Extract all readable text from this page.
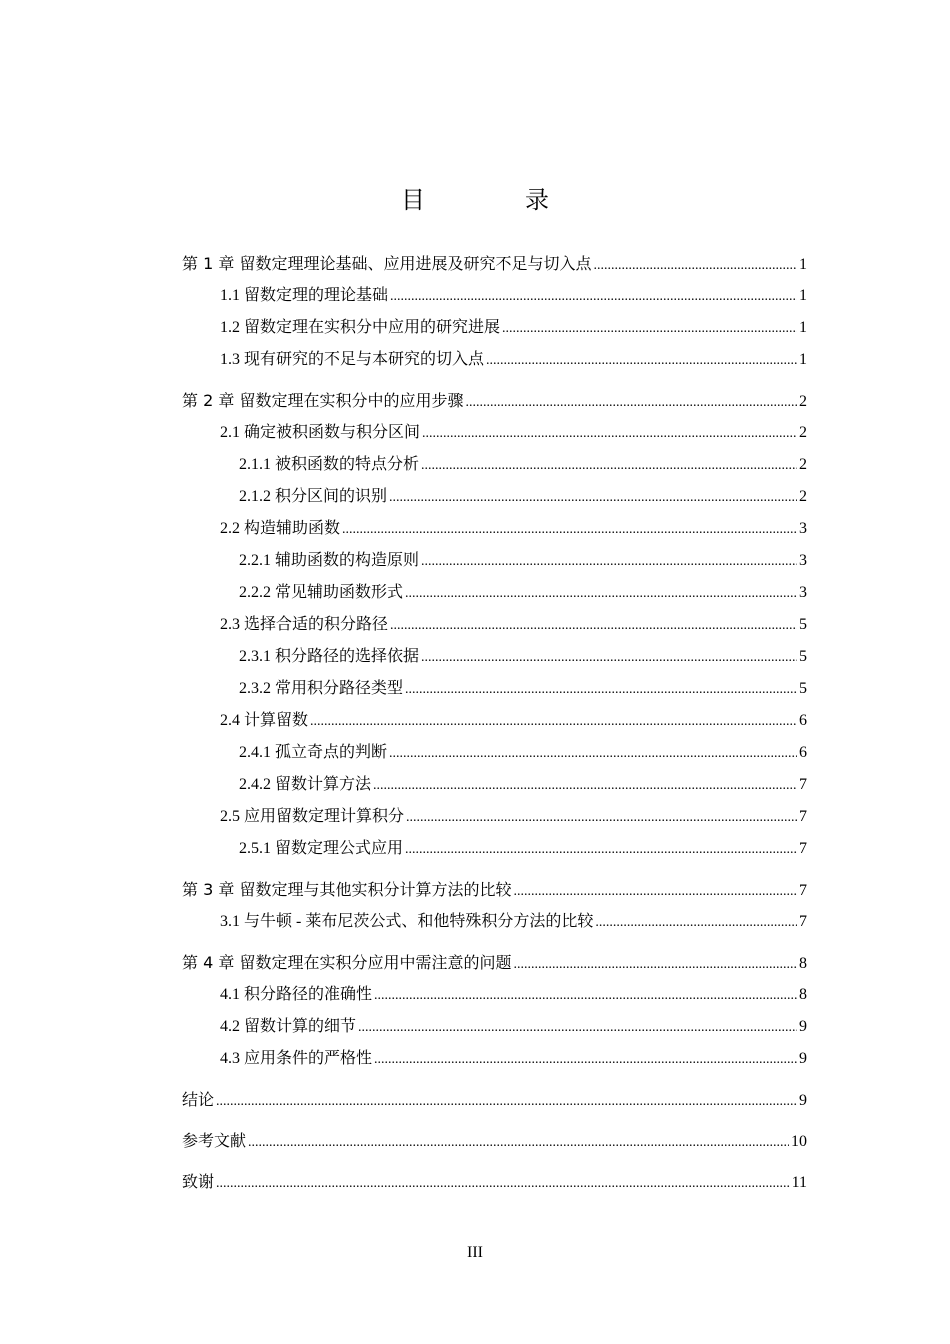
目　录
第 1 章 留数定理理论基础、应用进展及研究不足与切入点 .....	1
1.1 留数定理的理论基础 .....	1
1.2 留数定理在实积分中应用的研究进展 .....	1
1.3 现有研究的不足与本研究的切入点 .....	1
第 2 章 留数定理在实积分中的应用步骤 .....	2
2.1 确定被积函数与积分区间 .....	2
2.1.1 被积函数的特点分析 .....	2
2.1.2 积分区间的识别 .....	2
2.2 构造辅助函数 .....	3
2.2.1 辅助函数的构造原则 .....	3
2.2.2 常见辅助函数形式 .....	3
2.3 选择合适的积分路径 .....	5
2.3.1 积分路径的选择依据 .....	5
2.3.2 常用积分路径类型 .....	5
2.4 计算留数 .....	6
2.4.1 孤立奇点的判断 .....	6
2.4.2 留数计算方法 .....	7
2.5 应用留数定理计算积分 .....	7
2.5.1 留数定理公式应用 .....	7
第 3 章 留数定理与其他实积分计算方法的比较 .....	7
3.1 与牛顿 - 莱布尼茨公式、和他特殊积分方法的比较 .....	7
第 4 章 留数定理在实积分应用中需注意的问题 .....	8
4.1 积分路径的准确性 .....	8
4.2 留数计算的细节 .....	9
4.3 应用条件的严格性 .....	9
结论 .....	9
参考文献 .....	10
致谢 .....	11
III
